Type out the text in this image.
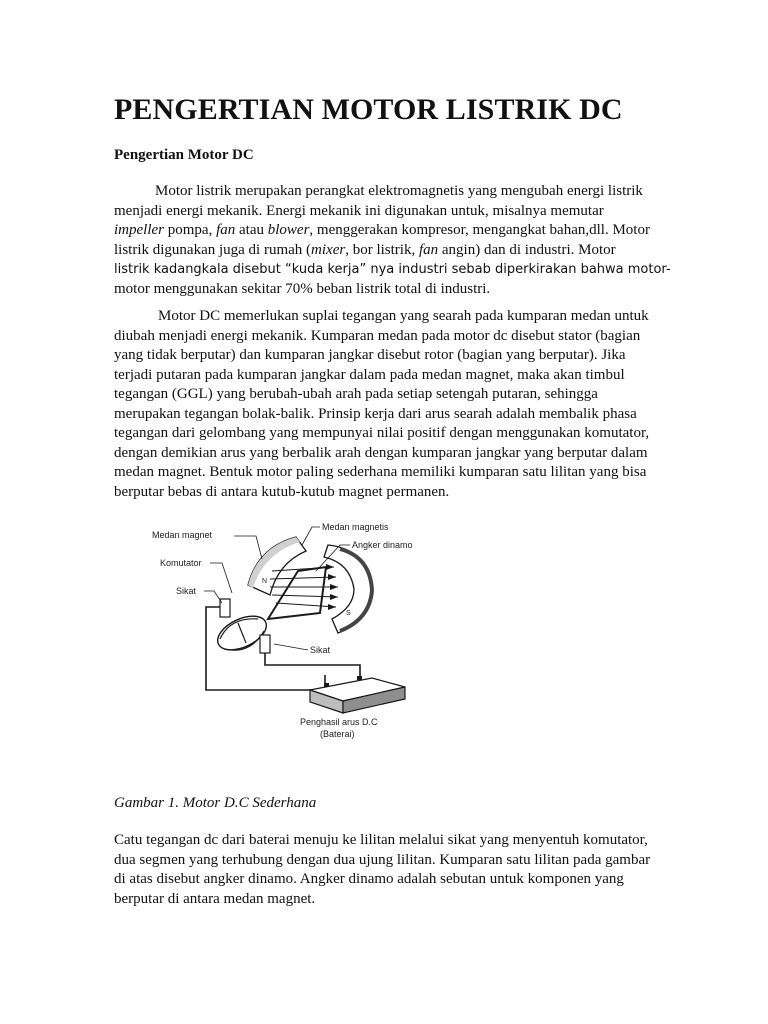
PENGERTIAN MOTOR LISTRIK DC
Pengertian Motor DC
Motor listrik merupakan perangkat elektromagnetis yang mengubah energi listrik
menjadi energi mekanik. Energi mekanik ini digunakan untuk, misalnya memutar
impeller pompa, fan atau blower, menggerakan kompresor, mengangkat bahan,dll. Motor
listrik digunakan juga di rumah (mixer, bor listrik, fan angin) dan di industri. Motor
listrik kadangkala disebut “kuda kerja” nya industri sebab diperkirakan bahwa motor-
motor menggunakan sekitar 70% beban listrik total di industri.
Motor DC memerlukan suplai tegangan yang searah pada kumparan medan untuk
diubah menjadi energi mekanik. Kumparan medan pada motor dc disebut stator (bagian
yang tidak berputar) dan kumparan jangkar disebut rotor (bagian yang berputar). Jika
terjadi putaran pada kumparan jangkar dalam pada medan magnet, maka akan timbul
tegangan (GGL) yang berubah-ubah arah pada setiap setengah putaran, sehingga
merupakan tegangan bolak-balik. Prinsip kerja dari arus searah adalah membalik phasa
tegangan dari gelombang yang mempunyai nilai positif dengan menggunakan komutator,
dengan demikian arus yang berbalik arah dengan kumparan jangkar yang berputar dalam
medan magnet. Bentuk motor paling sederhana memiliki kumparan satu lilitan yang bisa
berputar bebas di antara kutub-kutub magnet permanen.
Medan magnet
Medan magnetis
Angker dinamo
Komutator
Sikat
Sikat
N
S
Penghasil arus D.C
(Baterai)

Gambar 1. Motor D.C Sederhana

Catu tegangan dc dari baterai menuju ke lilitan melalui sikat yang menyentuh komutator,
dua segmen yang terhubung dengan dua ujung lilitan. Kumparan satu lilitan pada gambar
di atas disebut angker dinamo. Angker dinamo adalah sebutan untuk komponen yang
berputar di antara medan magnet.
